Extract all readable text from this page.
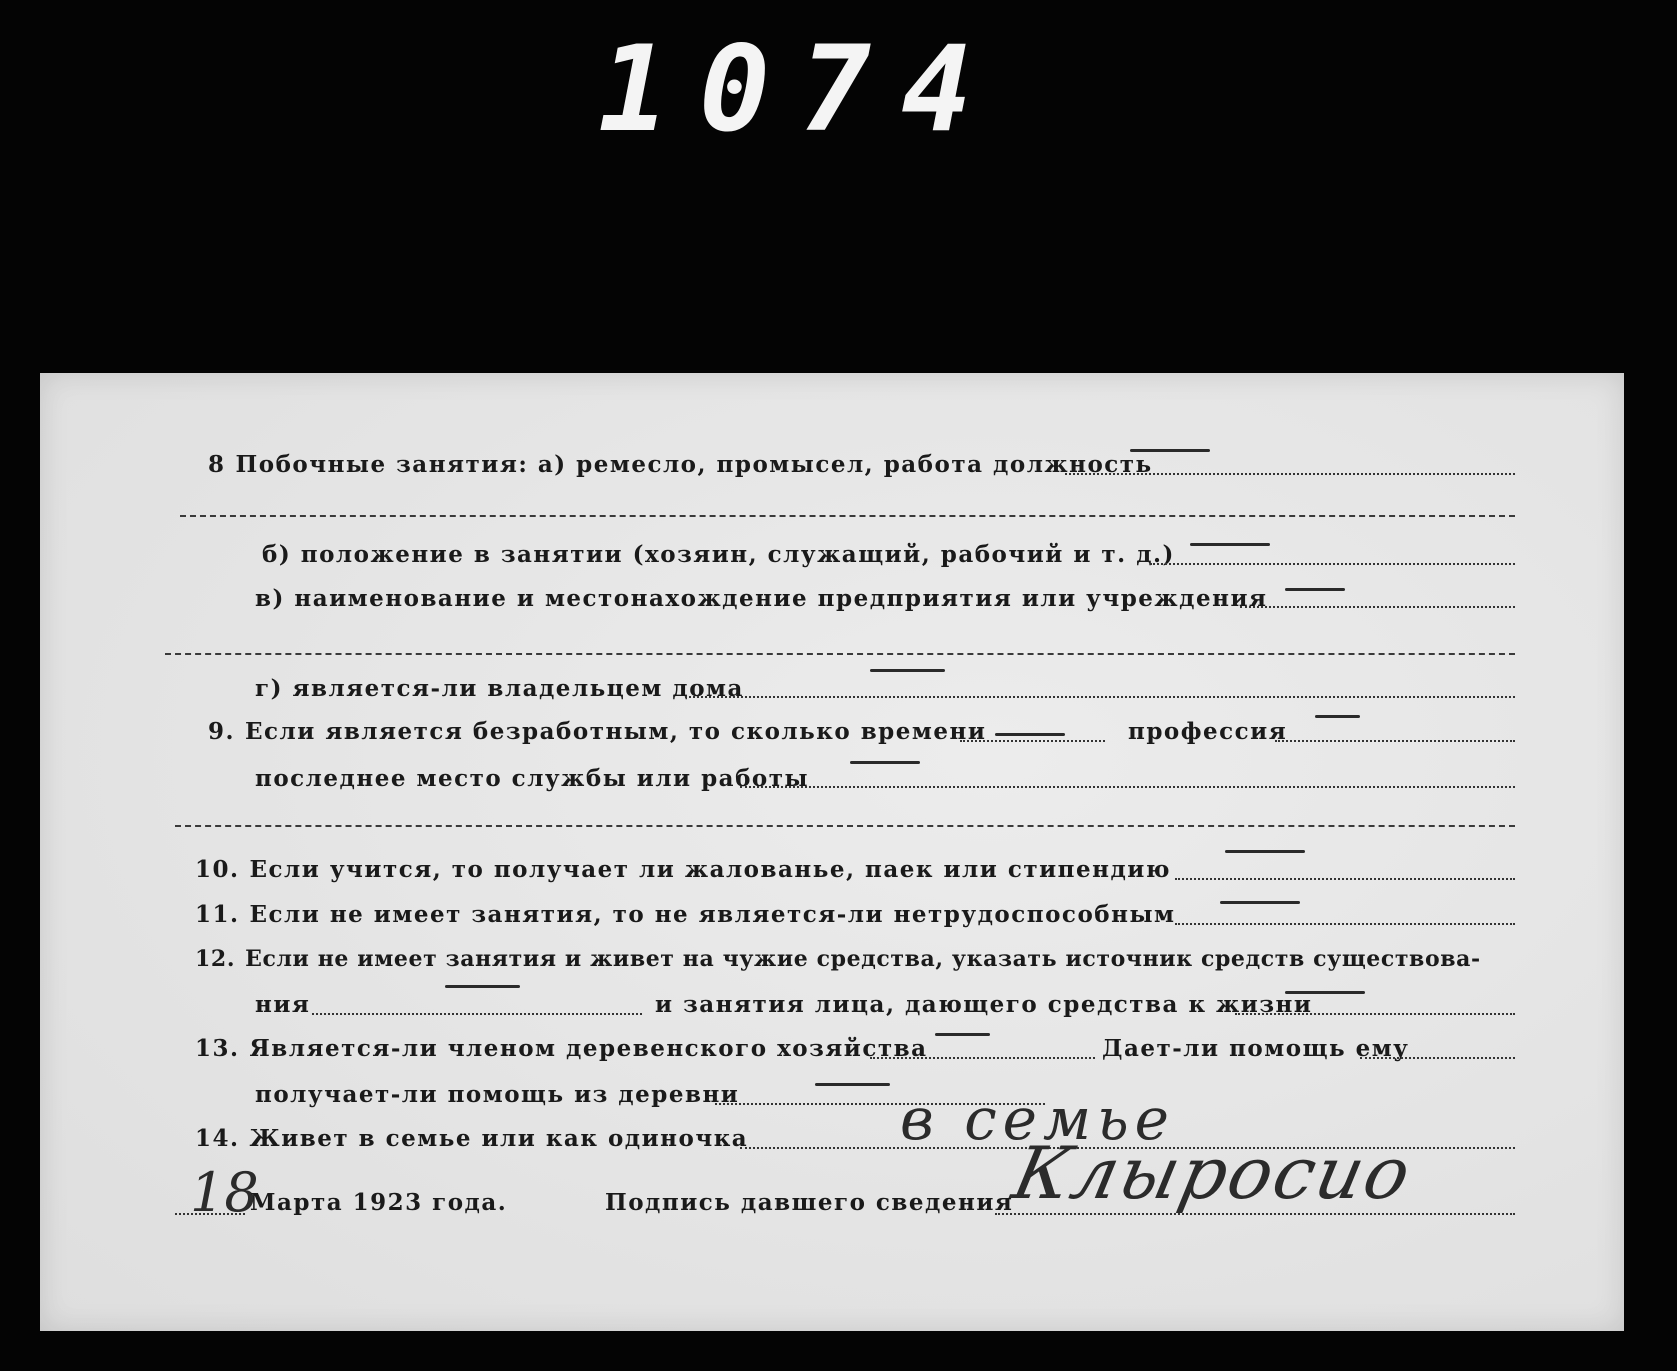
1074
8 Побочные занятия: а) ремесло, промысел, работа должность
б) положение в занятии (хозяин, служащий, рабочий и т. д.)
в) наименование и местонахождение предприятия или учреждения
г) является-ли владельцем дома
9. Если является безработным, то сколько времени	профессия
последнее место службы или работы
10. Если учится, то получает ли жалованье, паек или стипендию
11. Если не имеет занятия, то не является-ли нетрудоспособным
12. Если не имеет занятия и живет на чужие средства, указать источник средств существова-
ния	и занятия лица, дающего средства к жизни
13. Является-ли членом деревенского хозяйства	Дает-ли помощь ему
получает-ли помощь из деревни
14. Живет в семье или как одиночка	в семье
18
Марта 1923 года.	Подпись давшего сведения
Клыросио
